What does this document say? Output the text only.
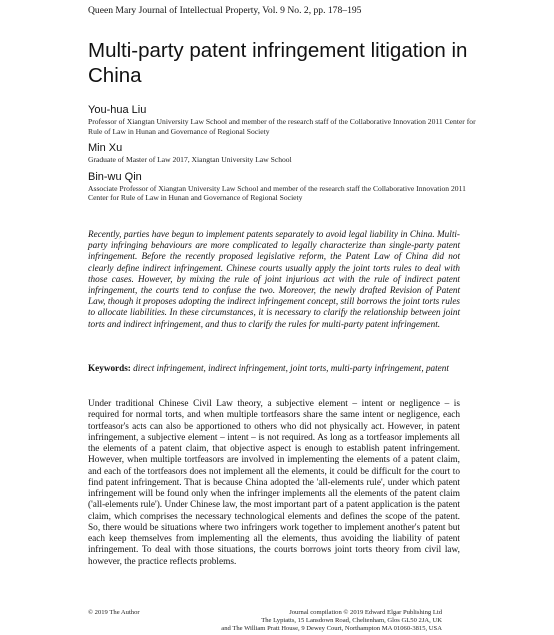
Queen Mary Journal of Intellectual Property, Vol. 9 No. 2, pp. 178–195
Multi-party patent infringement litigation in China
You-hua Liu
Professor of Xiangtan University Law School and member of the research staff of the Collaborative Innovation 2011 Center for Rule of Law in Hunan and Governance of Regional Society
Min Xu
Graduate of Master of Law 2017, Xiangtan University Law School
Bin-wu Qin
Associate Professor of Xiangtan University Law School and member of the research staff the Collaborative Innovation 2011 Center for Rule of Law in Hunan and Governance of Regional Society

Recently, parties have begun to implement patents separately to avoid legal liability in China. Multi-party infringing behaviours are more complicated to legally characterize than single-party patent infringement. Before the recently proposed legislative reform, the Patent Law of China did not clearly define indirect infringement. Chinese courts usually apply the joint torts rules to deal with those cases. However, by mixing the rule of joint injurious act with the rule of indirect patent infringement, the courts tend to confuse the two. Moreover, the newly drafted Revision of Patent Law, though it proposes adopting the indirect infringement concept, still borrows the joint torts rules to allocate liabilities. In these circumstances, it is necessary to clarify the relationship between joint torts and indirect infringement, and thus to clarify the rules for multi-party patent infringement.

Keywords: direct infringement, indirect infringement, joint torts, multi-party infringement, patent

Under traditional Chinese Civil Law theory, a subjective element – intent or negligence – is required for normal torts, and when multiple tortfeasors share the same intent or negligence, each tortfeasor's acts can also be apportioned to others who did not physically act. However, in patent infringement, a subjective element – intent – is not required. As long as a tortfeasor implements all the elements of a patent claim, that objective aspect is enough to establish patent infringement. However, when multiple tortfeasors are involved in implementing the elements of a patent claim, and each of the tortfeasors does not implement all the elements, it could be difficult for the court to find patent infringement. That is because China adopted the 'all-elements rule', under which patent infringement will be found only when the infringer implements all the elements of the patent claim ('all-elements rule'). Under Chinese law, the most important part of a patent application is the patent claim, which comprises the necessary technological elements and defines the scope of the patent. So, there would be situations where two infringers work together to implement another's patent but each keep themselves from implementing all the elements, thus avoiding the liability of patent infringement. To deal with those situations, the courts borrows joint torts theory from civil law, however, the practice reflects problems.

© 2019 The Author	Journal compilation © 2019 Edward Elgar Publishing Ltd
The Lypiatts, 15 Lansdown Road, Cheltenham, Glos GL50 2JA, UK
and The William Pratt House, 9 Dewey Court, Northampton MA 01060-3815, USA
